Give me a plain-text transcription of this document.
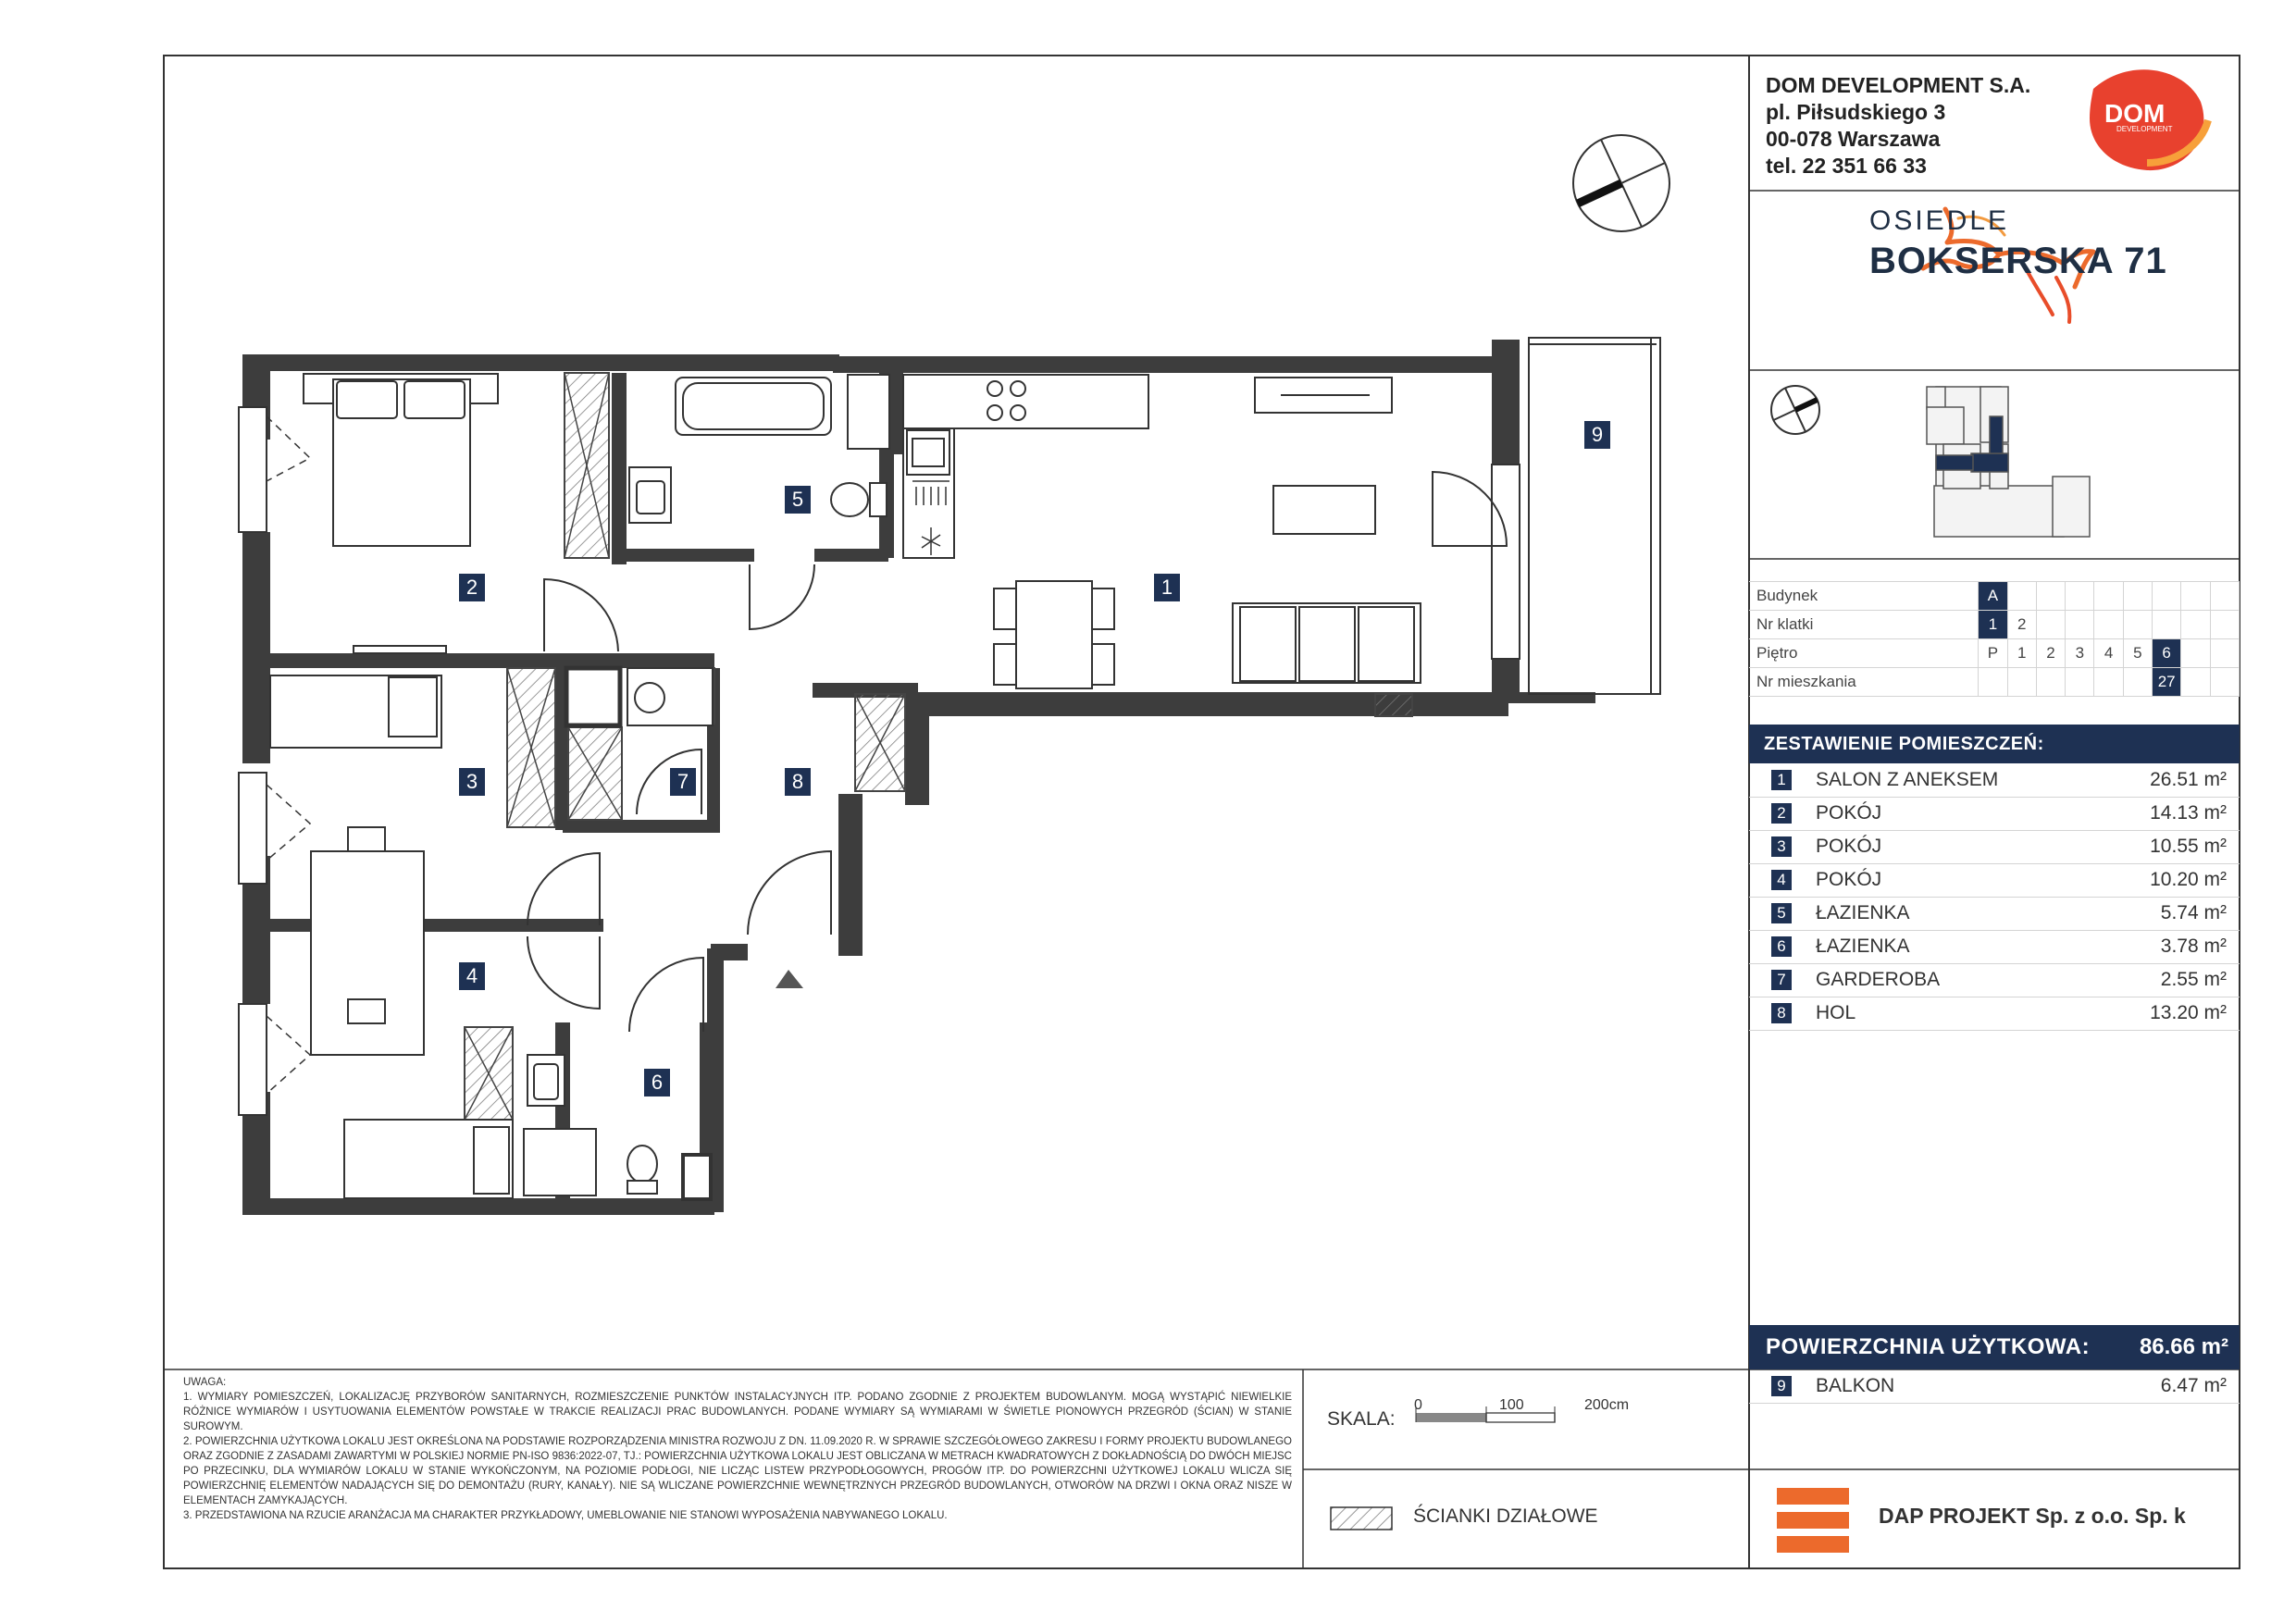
DOM
DEVELOPMENT
1
2
3
4
5
6
7	8
9
DOM DEVELOPMENT S.A.
pl. Piłsudskiego 3
00-078 Warszawa
tel. 22 351 66 33
OSIEDLE
BOKSERSKA 71
Budynek	A								
Nr klatki	1	2							
Piętro	P	1	2	3	4	5	6		
Nr mieszkania							27		
ZESTAWIENIE POMIESZCZEŃ:
1 SALON Z ANEKSEM	26.51 m²
2 POKÓJ	14.13 m²
3 POKÓJ	10.55 m²
4 POKÓJ	10.20 m²
5 ŁAZIENKA	5.74 m²
6 ŁAZIENKA	3.78 m²
7 GARDEROBA	2.55 m²
8 HOL	13.20 m²
POWIERZCHNIA UŻYTKOWA: 86.66 m²
9 BALKON	6.47 m²
DAP PROJEKT Sp. z o.o. Sp. k

UWAGA:

1. WYMIARY POMIESZCZEŃ, LOKALIZACJĘ PRZYBORÓW SANITARNYCH, ROZMIESZCZENIE PUNKTÓW INSTALACYJNYCH ITP. PODANO ZGODNIE Z PROJEKTEM BUDOWLANYM. MOGĄ WYSTĄPIĆ NIEWIELKIE RÓŻNICE WYMIARÓW I USYTUOWANIA ELEMENTÓW POWSTAŁE W TRAKCIE REALIZACJI PRAC BUDOWLANYCH. PODANE WYMIARY SĄ WYMIARAMI W ŚWIETLE PIONOWYCH PRZEGRÓD (ŚCIAN) W STANIE SUROWYM.

2. POWIERZCHNIA UŻYTKOWA LOKALU JEST OKREŚLONA NA PODSTAWIE ROZPORZĄDZENIA MINISTRA ROZWOJU Z DN. 11.09.2020 R. W SPRAWIE SZCZEGÓŁOWEGO ZAKRESU I FORMY PROJEKTU BUDOWLANEGO ORAZ ZGODNIE Z ZASADAMI ZAWARTYMI W POLSKIEJ NORMIE PN-ISO 9836:2022-07, TJ.: POWIERZCHNIA UŻYTKOWA LOKALU JEST OBLICZANA W METRACH KWADRATOWYCH Z DOKŁADNOŚCIĄ DO DWÓCH MIEJSC PO PRZECINKU, DLA WYMIARÓW LOKALU W STANIE WYKOŃCZONYM, NA POZIOMIE PODŁOGI, NIE LICZĄC LISTEW PRZYPODŁOGOWYCH, PROGÓW ITP. DO POWIERZCHNI UŻYTKOWEJ LOKALU WLICZA SIĘ POWIERZCHNIĘ ELEMENTÓW NADAJĄCYCH SIĘ DO DEMONTAŻU (RURY, KANAŁY). NIE SĄ WLICZANE POWIERZCHNIE WEWNĘTRZNYCH PRZEGRÓD BUDOWLANYCH, OTWORÓW NA DRZWI I OKNA ORAZ NISZE W ELEMENTACH ZAMYKAJĄCYCH.

3. PRZEDSTAWIONA NA RZUCIE ARANŻACJA MA CHARAKTER PRZYKŁADOWY, UMEBLOWANIE NIE STANOWI WYPOSAŻENIA NABYWANEGO LOKALU.

SKALA:
0	100	200cm
ŚCIANKI DZIAŁOWE
